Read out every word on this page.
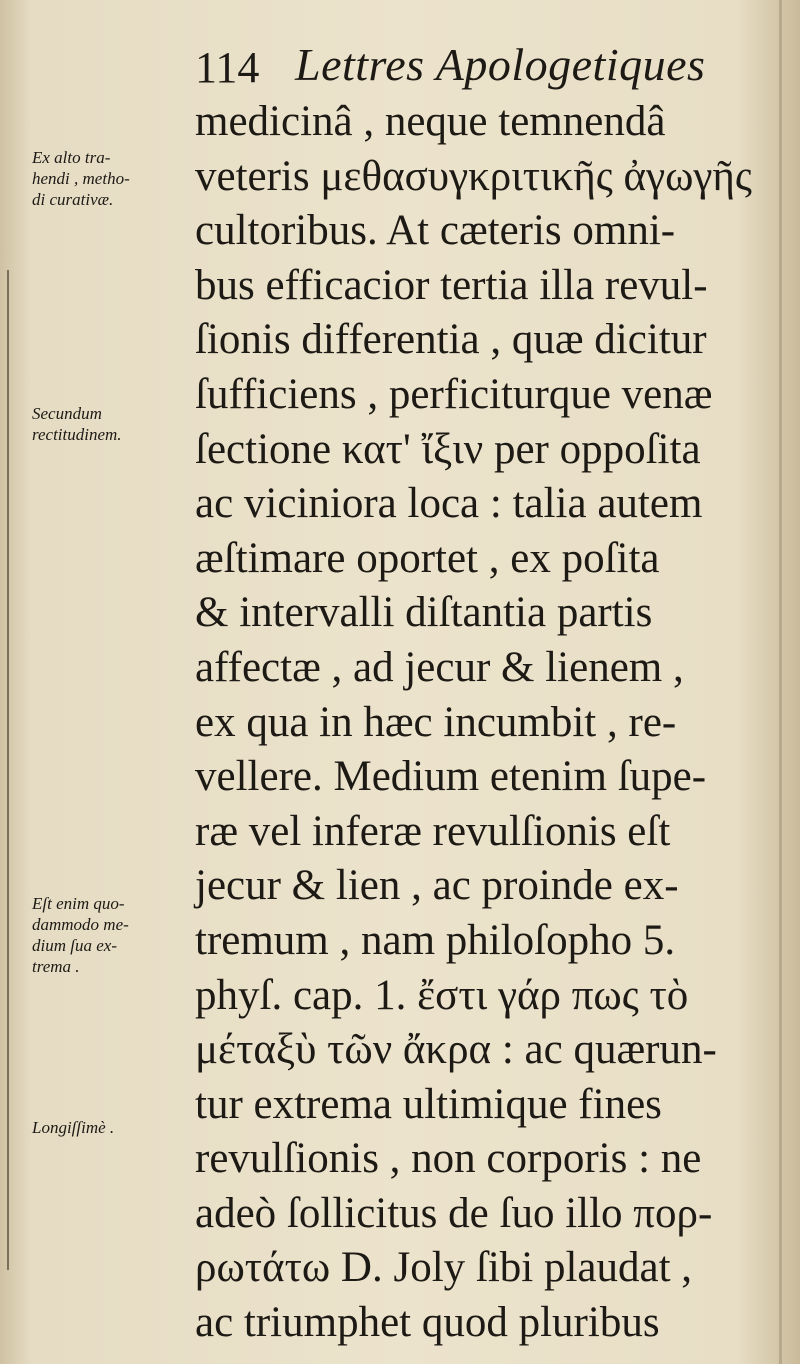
114 Lettres Apologetiques
medicinâ , neque temnendâ
veteris μεθασυγκριτικῆς ἀγωγῆς
cultoribus. At cæteris omni-
bus efficacior tertia illa revul-
ſionis differentia , quæ dicitur
ſufficiens , perficiturque venæ
ſectione κατ' ἴξιν per oppoſita
ac viciniora loca : talia autem
æſtimare oportet , ex poſita
& intervalli diſtantia partis
affectæ , ad jecur & lienem ,
ex qua in hæc incumbit , re-
vellere. Medium etenim ſupe-
ræ vel inferæ revulſionis eſt
jecur & lien , ac proinde ex-
tremum , nam philoſopho 5.
phyſ. cap. 1. ἔστι γάρ πως τὸ
μέταξὺ τῶν ἄκρα : ac quærun-
tur extrema ultimique fines
revulſionis , non corporis : ne
adeò ſollicitus de ſuo illo πορ-
ρωτάτω D. Joly ſibi plaudat ,
ac triumphet quod pluribus
Ex alto tra-
hendi , metho-
di curativæ.
Secundum
rectitudinem.
Eſt enim quo-
dammodo me-
dium ſua ex-
trema .
Longiſſimè .
